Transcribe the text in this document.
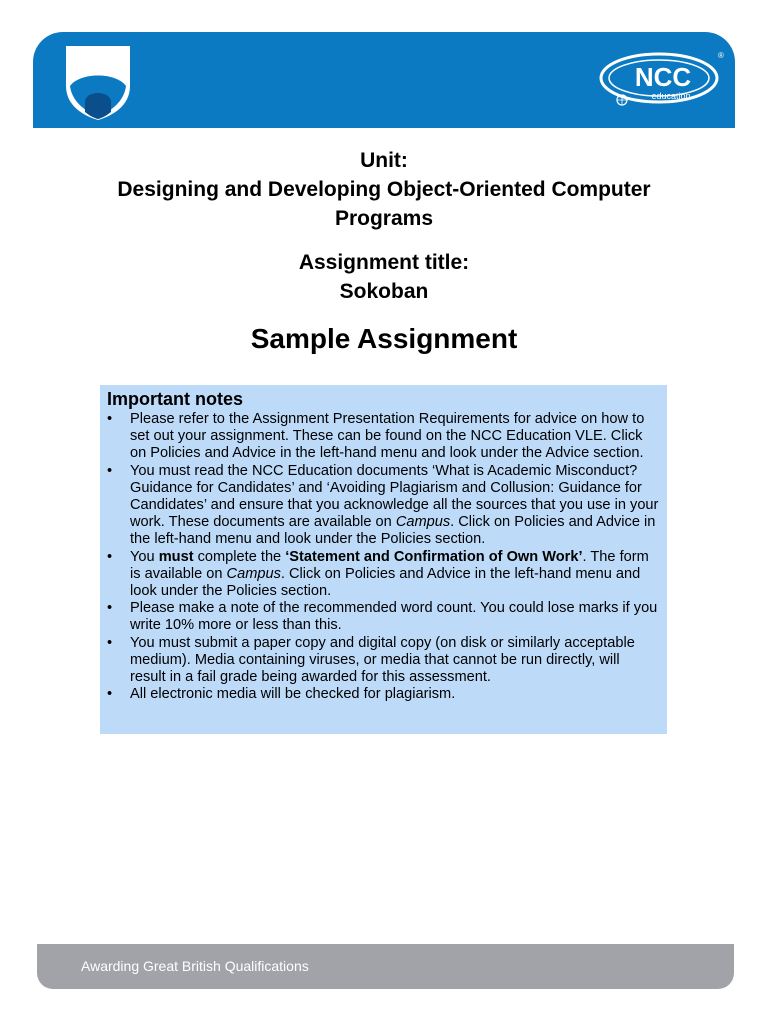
NCC
education
®
Unit:
Designing and Developing Object-Oriented Computer Programs
Assignment title:
Sokoban
Sample Assignment
Important notes
• Please refer to the Assignment Presentation Requirements for advice on how to set out your assignment. These can be found on the NCC Education VLE. Click on Policies and Advice in the left-hand menu and look under the Advice section.
• You must read the NCC Education documents ‘What is Academic Misconduct? Guidance for Candidates’ and ‘Avoiding Plagiarism and Collusion: Guidance for Candidates’ and ensure that you acknowledge all the sources that you use in your work. These documents are available on Campus. Click on Policies and Advice in the left-hand menu and look under the Policies section.
• You must complete the ‘Statement and Confirmation of Own Work’. The form is available on Campus. Click on Policies and Advice in the left-hand menu and look under the Policies section.
• Please make a note of the recommended word count. You could lose marks if you write 10% more or less than this.
• You must submit a paper copy and digital copy (on disk or similarly acceptable medium). Media containing viruses, or media that cannot be run directly, will result in a fail grade being awarded for this assessment.
• All electronic media will be checked for plagiarism.
Awarding Great British Qualifications
